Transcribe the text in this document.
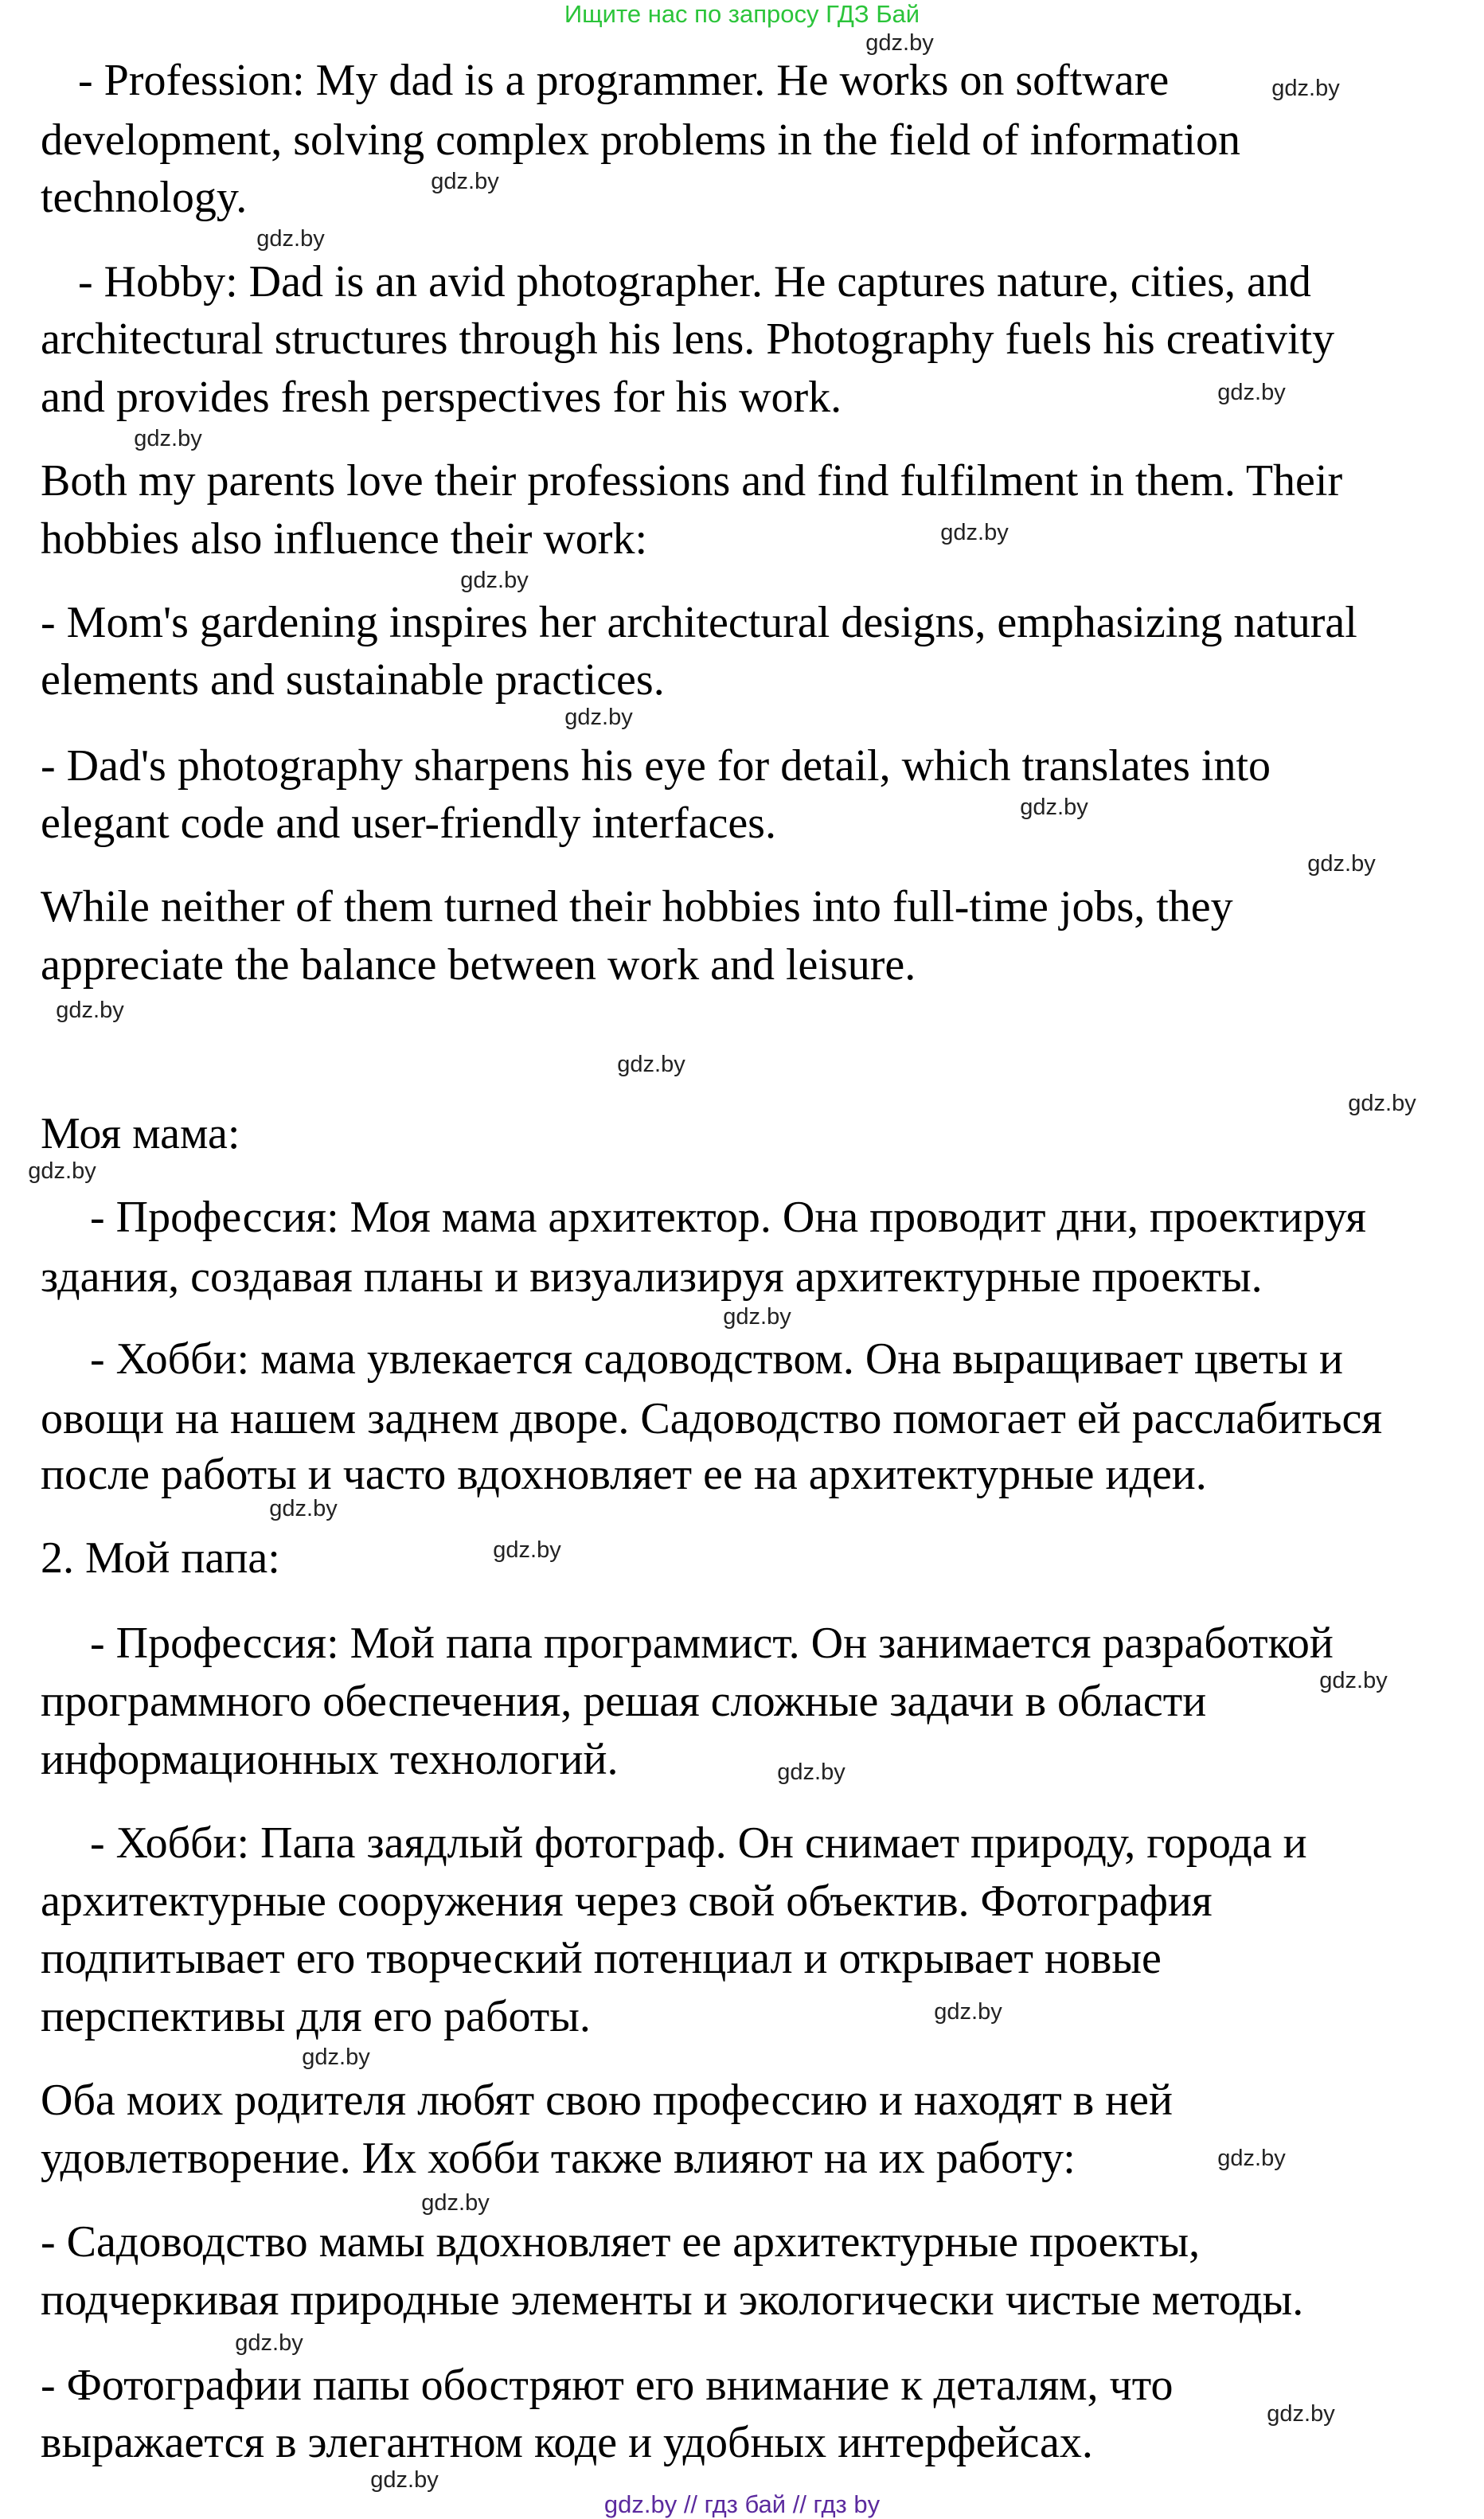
Ищите нас по запросу ГДЗ Бай
- Profession: My dad is a programmer. He works on software
development, solving complex problems in the field of information
technology.
- Hobby: Dad is an avid photographer. He captures nature, cities, and
architectural structures through his lens. Photography fuels his creativity
and provides fresh perspectives for his work.
Both my parents love their professions and find fulfilment in them. Their
hobbies also influence their work:
- Mom's gardening inspires her architectural designs, emphasizing natural
elements and sustainable practices.
- Dad's photography sharpens his eye for detail, which translates into
elegant code and user-friendly interfaces.
While neither of them turned their hobbies into full-time jobs, they
appreciate the balance between work and leisure.
Моя мама:
- Профессия: Моя мама архитектор. Она проводит дни, проектируя
здания, создавая планы и визуализируя архитектурные проекты.
- Хобби: мама увлекается садоводством. Она выращивает цветы и
овощи на нашем заднем дворе. Садоводство помогает ей расслабиться
после работы и часто вдохновляет ее на архитектурные идеи.
2. Мой папа:
- Профессия: Мой папа программист. Он занимается разработкой
программного обеспечения, решая сложные задачи в области
информационных технологий.
- Хобби: Папа заядлый фотограф. Он снимает природу, города и
архитектурные сооружения через свой объектив. Фотография
подпитывает его творческий потенциал и открывает новые
перспективы для его работы.
Оба моих родителя любят свою профессию и находят в ней
удовлетворение. Их хобби также влияют на их работу:
- Садоводство мамы вдохновляет ее архитектурные проекты,
подчеркивая природные элементы и экологически чистые методы.
- Фотографии папы обостряют его внимание к деталям, что
выражается в элегантном коде и удобных интерфейсах.
gdz.by
gdz.by
gdz.by
gdz.by
gdz.by
gdz.by
gdz.by
gdz.by
gdz.by
gdz.by
gdz.by
gdz.by
gdz.by
gdz.by
gdz.by
gdz.by
gdz.by
gdz.by
gdz.by
gdz.by
gdz.by
gdz.by
gdz.by
gdz.by
gdz.by
gdz.by
gdz.by
gdz.by // гдз бай // гдз by
